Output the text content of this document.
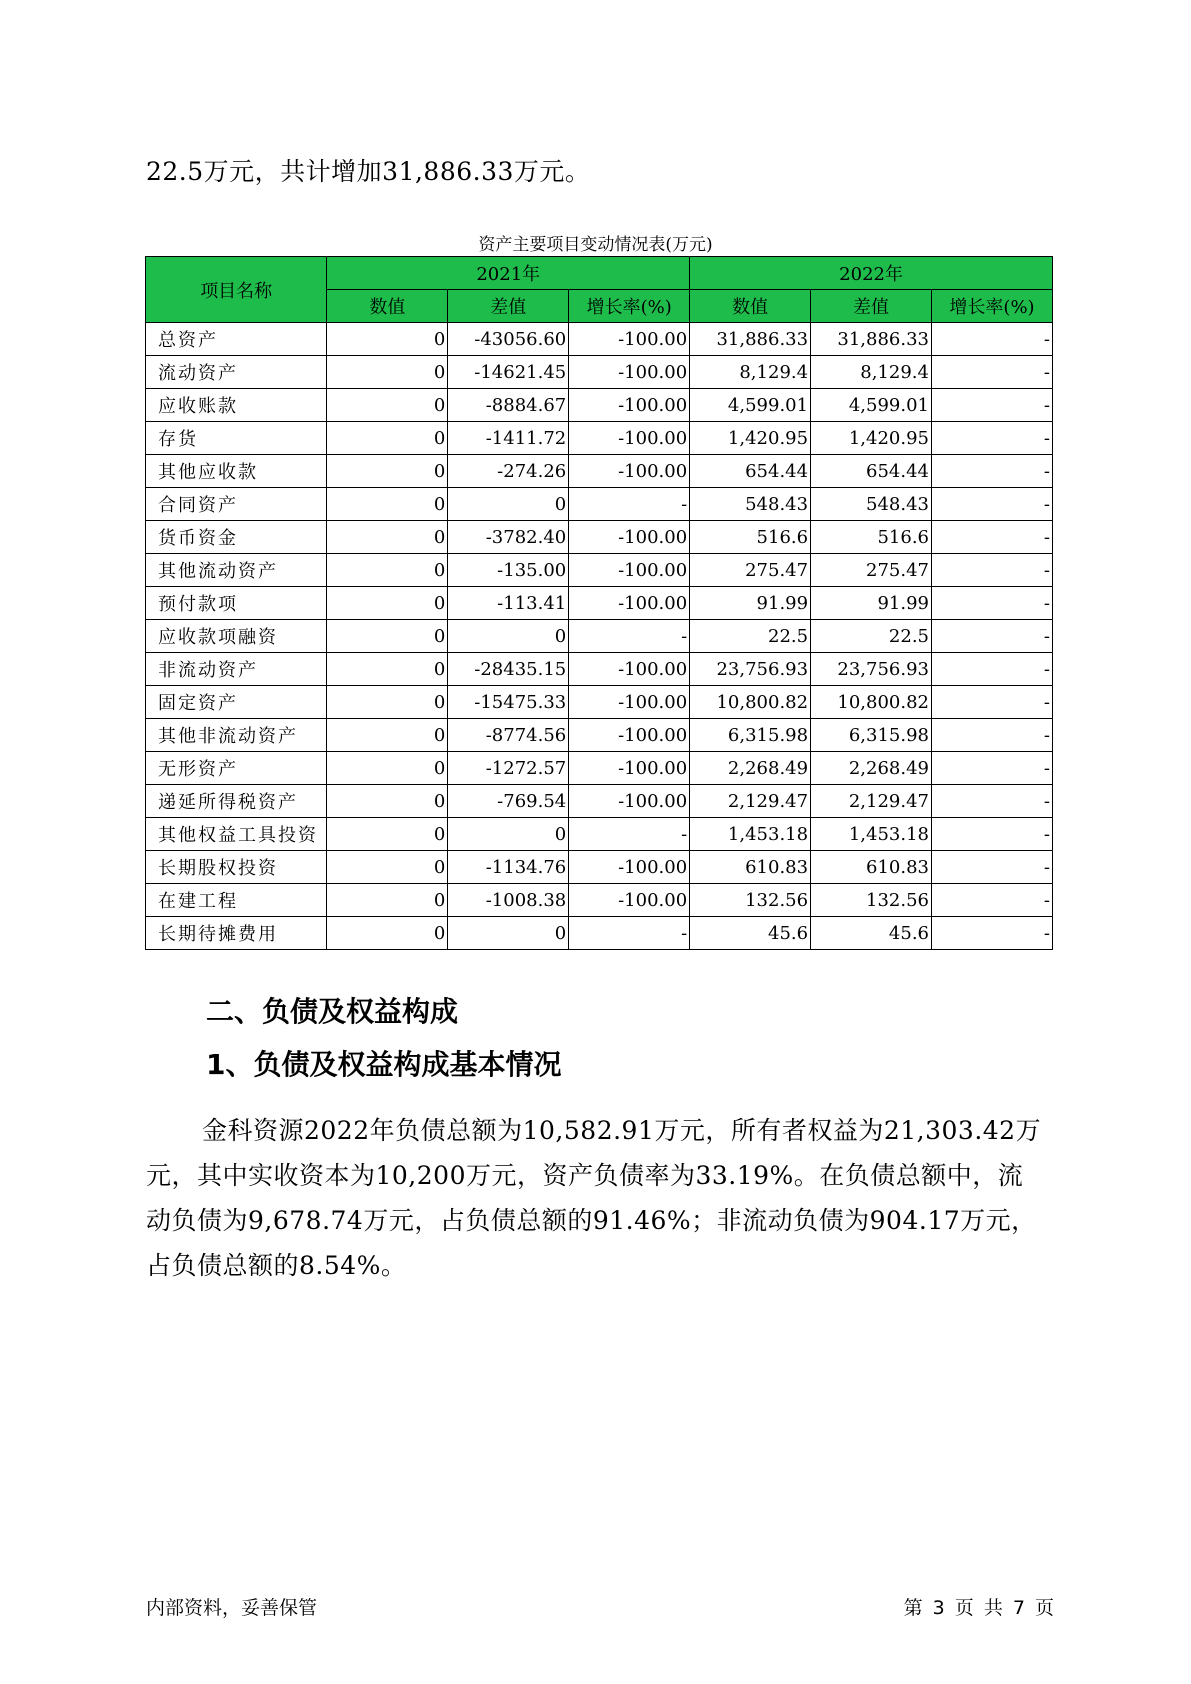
22.5万元，共计增加31,886.33万元。
资产主要项目变动情况表(万元)
项目名称	2021年			2022年		
	数值	差值	增长率(%)	数值	差值	增长率(%)
总资产	0	-43056.60	-100.00	31,886.33	31,886.33	-
流动资产	0	-14621.45	-100.00	8,129.4	8,129.4	-
应收账款	0	-8884.67	-100.00	4,599.01	4,599.01	-
存货	0	-1411.72	-100.00	1,420.95	1,420.95	-
其他应收款	0	-274.26	-100.00	654.44	654.44	-
合同资产	0	0	-	548.43	548.43	-
货币资金	0	-3782.40	-100.00	516.6	516.6	-
其他流动资产	0	-135.00	-100.00	275.47	275.47	-
预付款项	0	-113.41	-100.00	91.99	91.99	-
应收款项融资	0	0	-	22.5	22.5	-
非流动资产	0	-28435.15	-100.00	23,756.93	23,756.93	-
固定资产	0	-15475.33	-100.00	10,800.82	10,800.82	-
其他非流动资产	0	-8774.56	-100.00	6,315.98	6,315.98	-
无形资产	0	-1272.57	-100.00	2,268.49	2,268.49	-
递延所得税资产	0	-769.54	-100.00	2,129.47	2,129.47	-
其他权益工具投资	0	0	-	1,453.18	1,453.18	-
长期股权投资	0	-1134.76	-100.00	610.83	610.83	-
在建工程	0	-1008.38	-100.00	132.56	132.56	-
长期待摊费用	0	0	-	45.6	45.6	-
二、负债及权益构成
1、负债及权益构成基本情况
金科资源2022年负债总额为10,582.91万元，所有者权益为21,303.42万元，其中实收资本为10,200万元，资产负债率为33.19%。在负债总额中，流动负债为9,678.74万元，占负债总额的91.46%；非流动负债为904.17万元，占负债总额的8.54%。
内部资料，妥善保管	第 3 页 共 7 页
